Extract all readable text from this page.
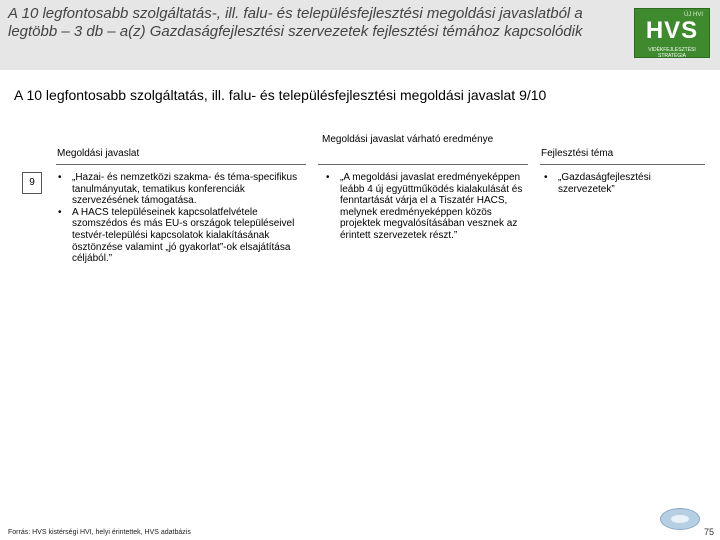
A 10 legfontosabb szolgáltatás-, ill. falu- és településfejlesztési megoldási javaslatból a legtöbb – 3 db – a(z) Gazdaságfejlesztési szervezetek fejlesztési témához kapcsolódik
ÚJ HVI
HVS
VIDÉKFEJLESZTÉSI STRATÉGIA
A 10 legfontosabb szolgáltatás, ill. falu- és településfejlesztési megoldási javaslat 9/10
Megoldási javaslat
Megoldási javaslat várható eredménye
Fejlesztési téma
9
•	„Hazai- és nemzetközi szakma- és téma-specifikus tanulmányutak, tematikus konferenciák szervezésének támogatása.
• A HACS településeinek kapcsolatfelvétele szomszédos és más EU-s országok településeivel testvér-települési kapcsolatok kialakításának ösztönzése valamint „jó gyakorlat”-ok elsajátítása céljából.”
• „A megoldási javaslat eredményeképpen leább 4 új együttműködés kialakulását és fenntartását várja el a Tiszatér HACS, melynek eredményeképpen közös projektek megvalósításában vesznek az érintett szervezetek részt.”
• „Gazdaságfejlesztési szervezetek”
Forrás: HVS kistérségi HVI, helyi érintettek, HVS adatbázis	75
